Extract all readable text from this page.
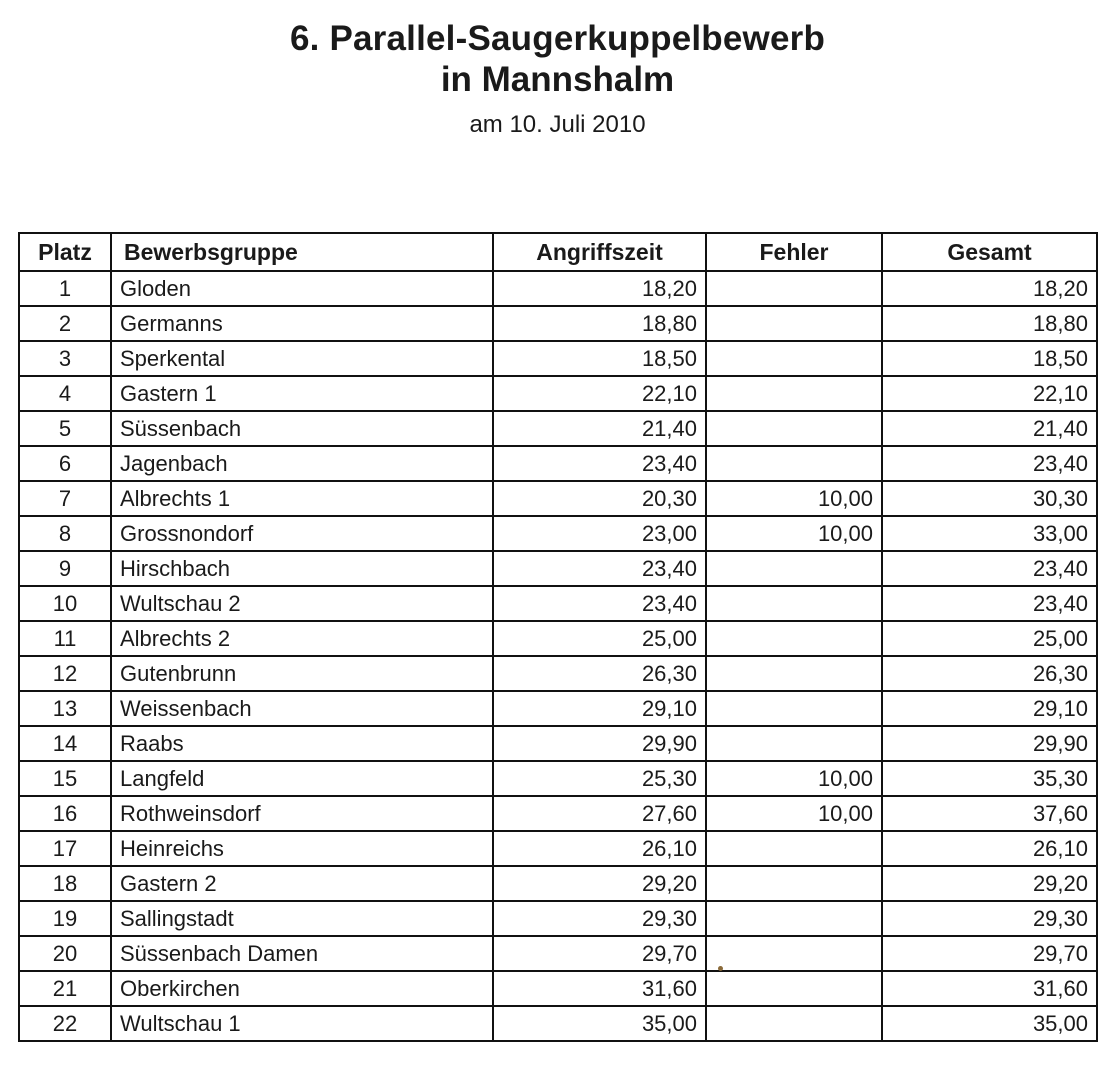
6. Parallel-Saugerkuppelbewerb
in Mannshalm
am 10. Juli 2010
Platz	Bewerbsgruppe	Angriffszeit	Fehler	Gesamt
1	Gloden	18,20		18,20
2	Germanns	18,80		18,80
3	Sperkental	18,50		18,50
4	Gastern 1	22,10		22,10
5	Süssenbach	21,40		21,40
6	Jagenbach	23,40		23,40
7	Albrechts 1	20,30	10,00	30,30
8	Grossnondorf	23,00	10,00	33,00
9	Hirschbach	23,40		23,40
10	Wultschau 2	23,40		23,40
11	Albrechts 2	25,00		25,00
12	Gutenbrunn	26,30		26,30
13	Weissenbach	29,10		29,10
14	Raabs	29,90		29,90
15	Langfeld	25,30	10,00	35,30
16	Rothweinsdorf	27,60	10,00	37,60
17	Heinreichs	26,10		26,10
18	Gastern 2	29,20		29,20
19	Sallingstadt	29,30		29,30
20	Süssenbach Damen	29,70		29,70
21	Oberkirchen	31,60		31,60
22	Wultschau 1	35,00		35,00
